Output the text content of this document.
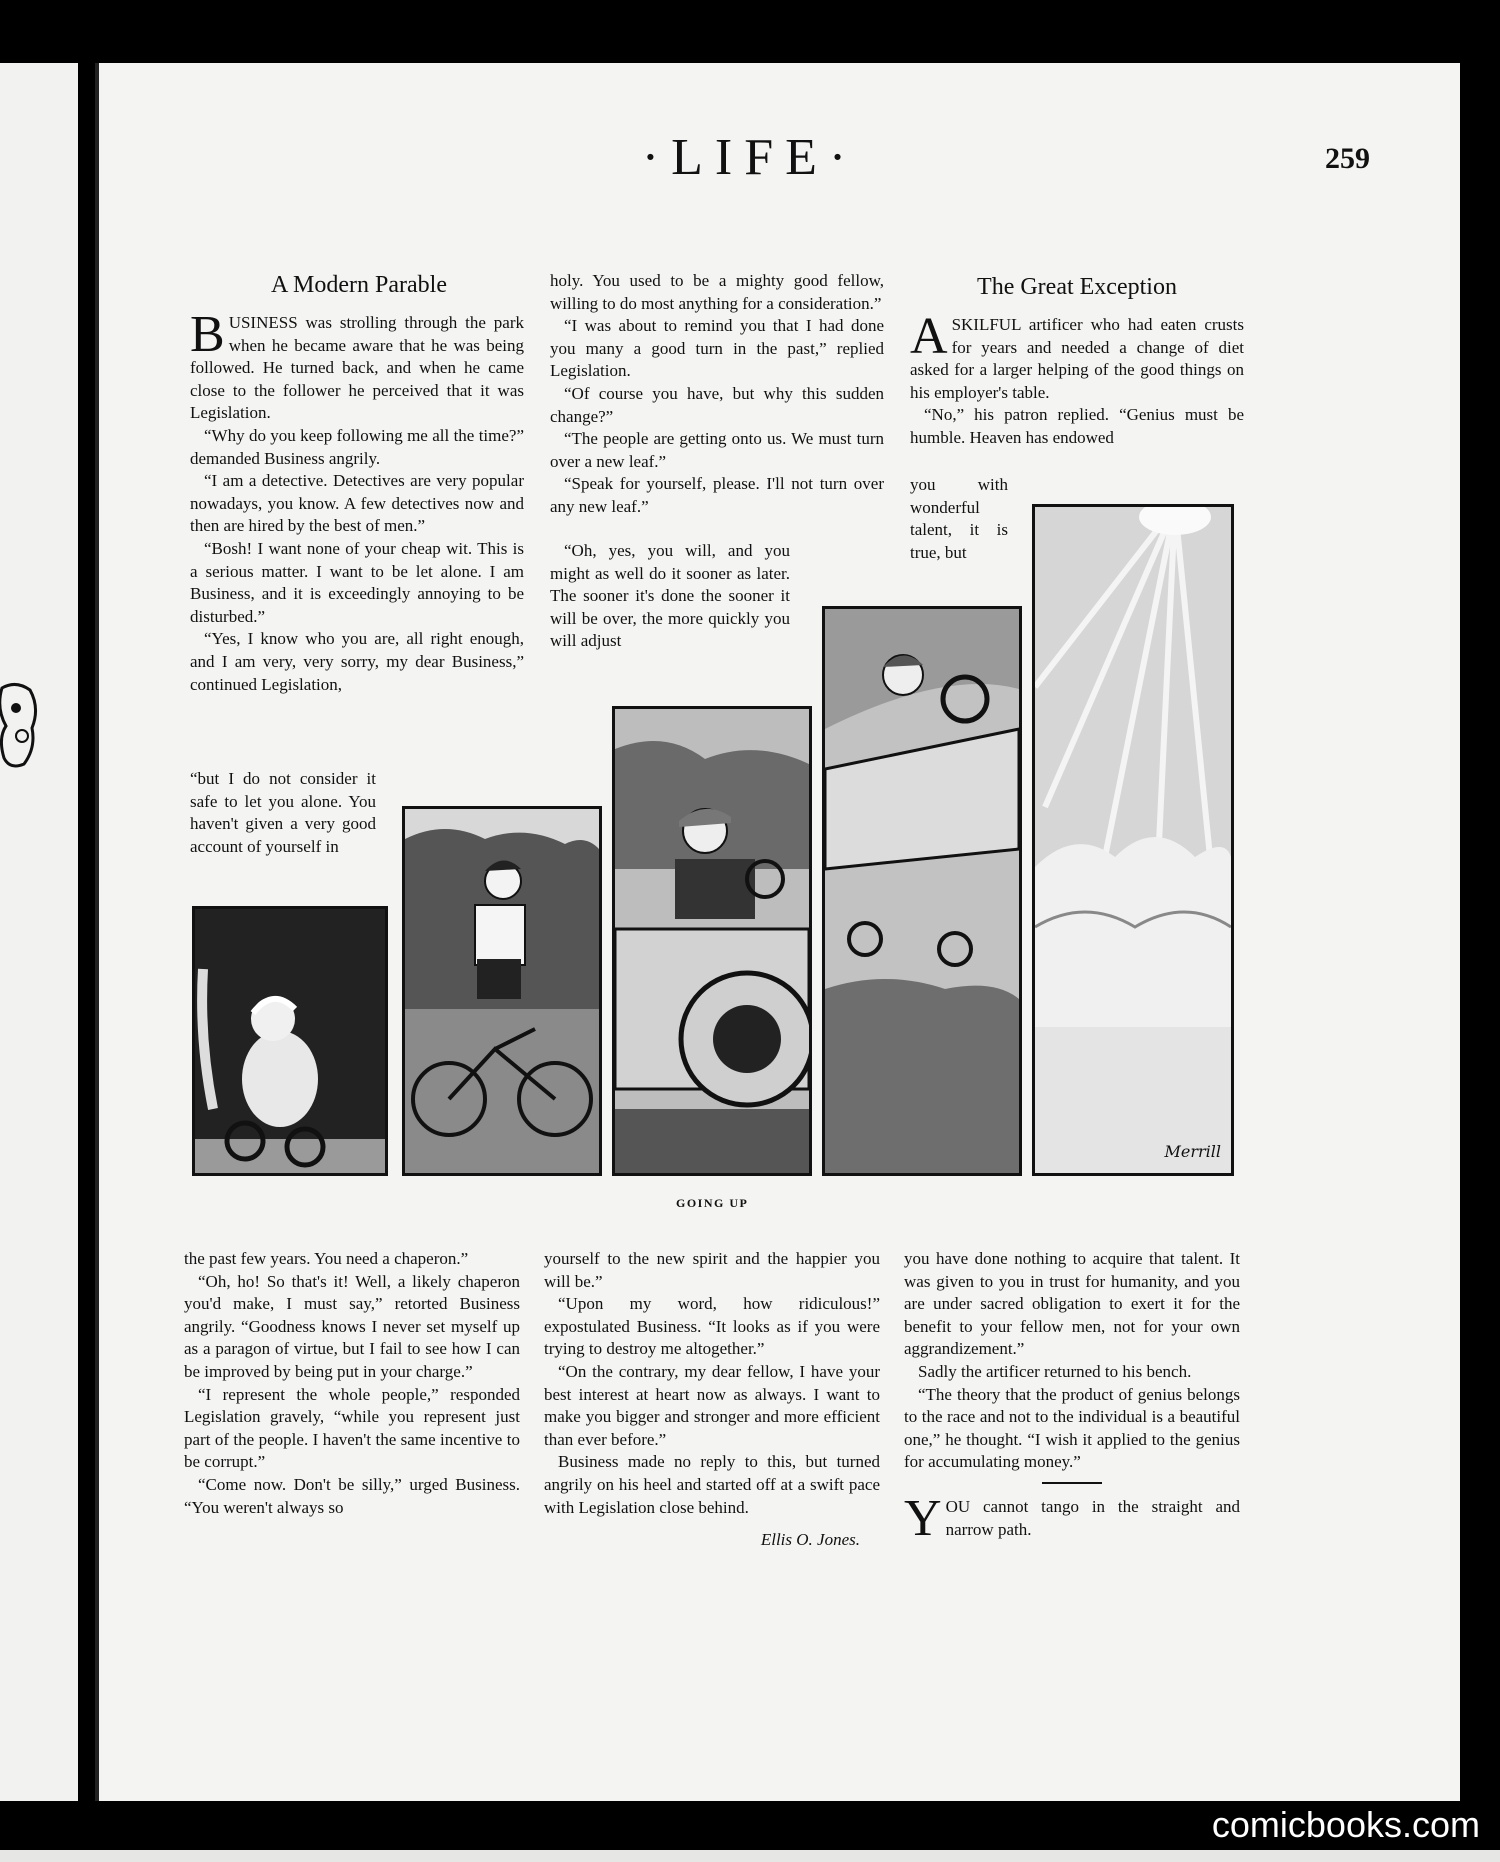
·LIFE·	259
A Modern Parable

BUSINESS was strolling through the park when he became aware that he was being followed. He turned back, and when he came close to the follower he perceived that it was Legislation.

“Why do you keep following me all the time?” demanded Business angrily.

“I am a detective. Detectives are very popular nowadays, you know. A few detectives now and then are hired by the best of men.”

“Bosh! I want none of your cheap wit. This is a serious matter. I want to be let alone. I am Business, and it is exceedingly annoying to be disturbed.”

“Yes, I know who you are, all right enough, and I am very, very sorry, my dear Business,” continued Legislation,

“but I do not consider it safe to let you alone. You haven't given a very good account of yourself in

holy. You used to be a mighty good fellow, willing to do most anything for a consideration.”

“I was about to remind you that I had done you many a good turn in the past,” replied Legislation.

“Of course you have, but why this sudden change?”

“The people are getting onto us. We must turn over a new leaf.”

“Speak for yourself, please. I'll not turn over any new leaf.”

“Oh, yes, you will, and you might as well do it sooner as later. The sooner it's done the sooner it will be over, the more quickly you will adjust

The Great Exception

ASKILFUL artificer who had eaten crusts for years and needed a change of diet asked for a larger helping of the good things on his employer's table.

“No,” his patron replied. “Genius must be humble. Heaven has endowed

you with wonderful talent, it is true, but

Merrill
GOING UP

the past few years. You need a chaperon.”

“Oh, ho! So that's it! Well, a likely chaperon you'd make, I must say,” retorted Business angrily. “Goodness knows I never set myself up as a paragon of virtue, but I fail to see how I can be improved by being put in your charge.”

“I represent the whole people,” responded Legislation gravely, “while you represent just part of the people. I haven't the same incentive to be corrupt.”

“Come now. Don't be silly,” urged Business. “You weren't always so

yourself to the new spirit and the happier you will be.”

“Upon my word, how ridiculous!” expostulated Business. “It looks as if you were trying to destroy me altogether.”

“On the contrary, my dear fellow, I have your best interest at heart now as always. I want to make you bigger and stronger and more efficient than ever before.”

Business made no reply to this, but turned angrily on his heel and started off at a swift pace with Legislation close behind.

Ellis O. Jones.

you have done nothing to acquire that talent. It was given to you in trust for humanity, and you are under sacred obligation to exert it for the benefit to your fellow men, not for your own aggrandizement.”

Sadly the artificer returned to his bench.

“The theory that the product of genius belongs to the race and not to the individual is a beautiful one,” he thought. “I wish it applied to the genius for accumulating money.”

YOU cannot tango in the straight and narrow path.

comicbooks.com
